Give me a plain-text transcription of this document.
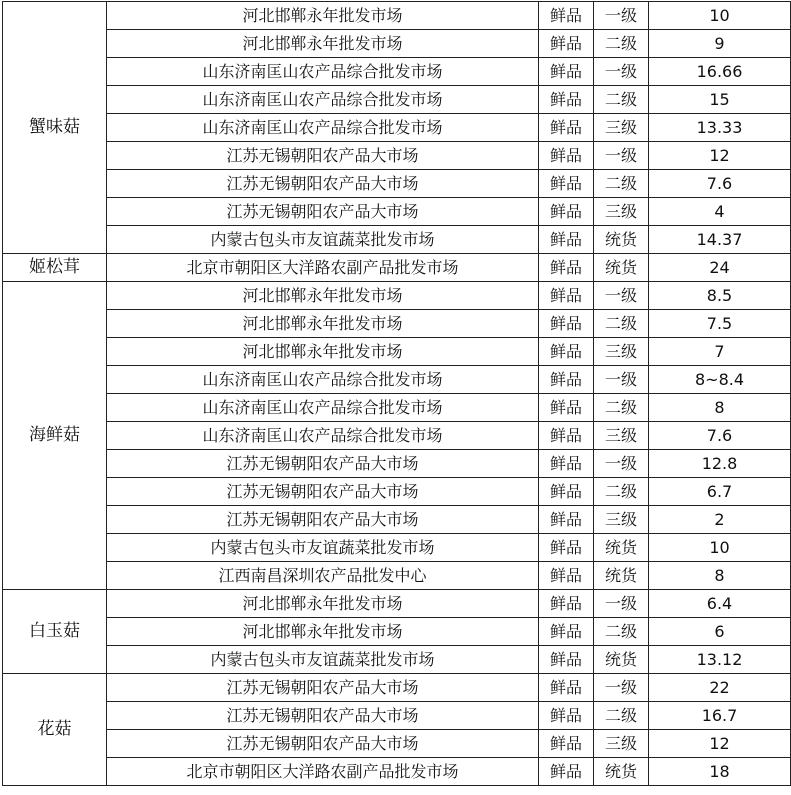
蟹味菇	河北邯郸永年批发市场	鲜品	一级	10
	河北邯郸永年批发市场	鲜品	二级	9
	山东济南匡山农产品综合批发市场	鲜品	一级	16.66
	山东济南匡山农产品综合批发市场	鲜品	二级	15
	山东济南匡山农产品综合批发市场	鲜品	三级	13.33
	江苏无锡朝阳农产品大市场	鲜品	一级	12
	江苏无锡朝阳农产品大市场	鲜品	二级	7.6
	江苏无锡朝阳农产品大市场	鲜品	三级	4
	内蒙古包头市友谊蔬菜批发市场	鲜品	统货	14.37
姬松茸	北京市朝阳区大洋路农副产品批发市场	鲜品	统货	24
海鲜菇	河北邯郸永年批发市场	鲜品	一级	8.5
	河北邯郸永年批发市场	鲜品	二级	7.5
	河北邯郸永年批发市场	鲜品	三级	7
	山东济南匡山农产品综合批发市场	鲜品	一级	8~8.4
	山东济南匡山农产品综合批发市场	鲜品	二级	8
	山东济南匡山农产品综合批发市场	鲜品	三级	7.6
	江苏无锡朝阳农产品大市场	鲜品	一级	12.8
	江苏无锡朝阳农产品大市场	鲜品	二级	6.7
	江苏无锡朝阳农产品大市场	鲜品	三级	2
	内蒙古包头市友谊蔬菜批发市场	鲜品	统货	10
	江西南昌深圳农产品批发中心	鲜品	统货	8
白玉菇	河北邯郸永年批发市场	鲜品	一级	6.4
	河北邯郸永年批发市场	鲜品	二级	6
	内蒙古包头市友谊蔬菜批发市场	鲜品	统货	13.12
花菇	江苏无锡朝阳农产品大市场	鲜品	一级	22
	江苏无锡朝阳农产品大市场	鲜品	二级	16.7
	江苏无锡朝阳农产品大市场	鲜品	三级	12
	北京市朝阳区大洋路农副产品批发市场	鲜品	统货	18
